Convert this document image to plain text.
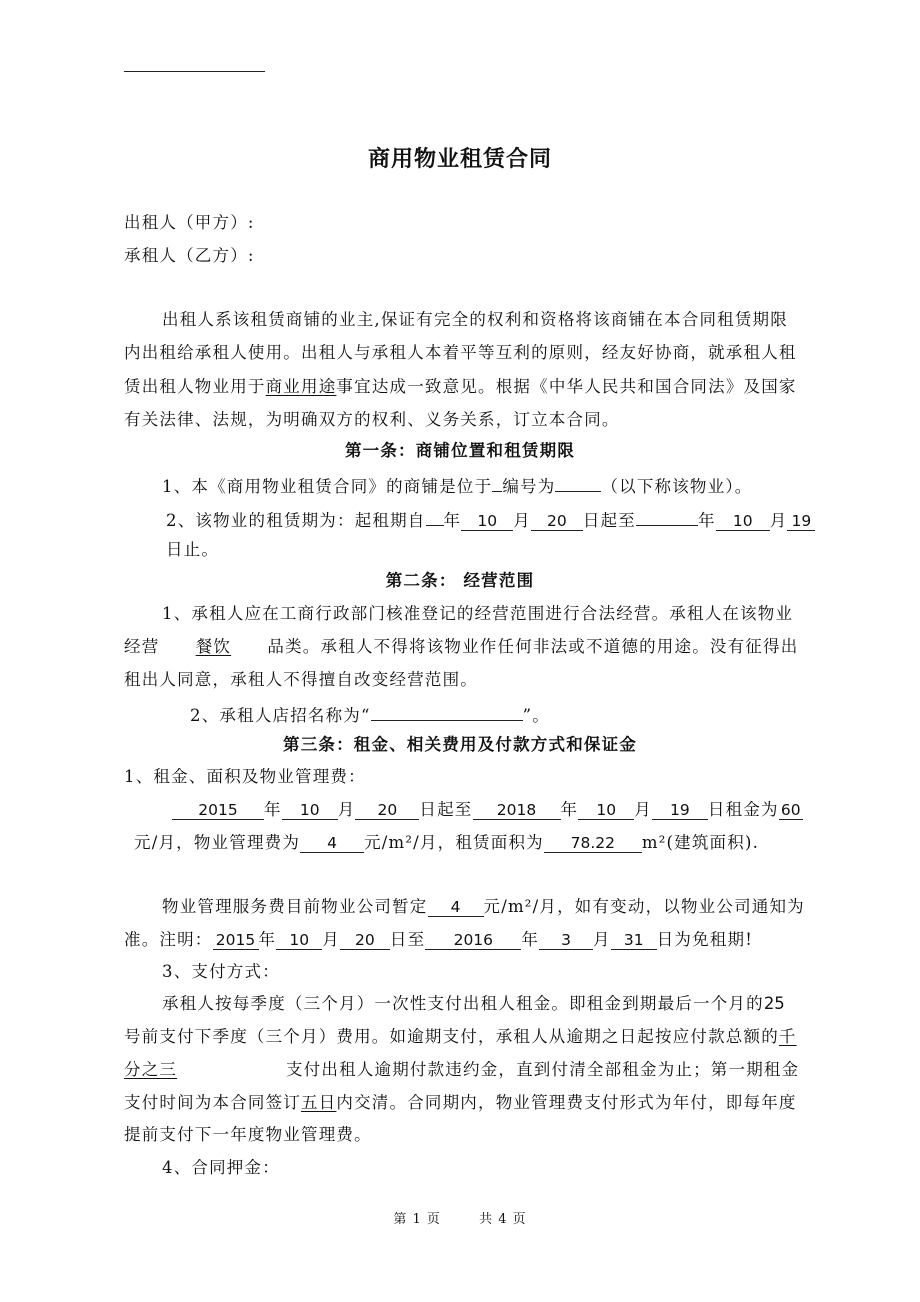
商用物业租赁合同
出租人（甲方）:
承租人（乙方）:
出租人系该租赁商铺的业主,保证有完全的权利和资格将该商铺在本合同租赁期限
内出租给承租人使用。出租人与承租人本着平等互利的原则，经友好协商，就承租人租
赁出租人物业用于商业用途事宜达成一致意见。根据《中华人民共和国合同法》及国家
有关法律、法规，为明确双方的权利、义务关系，订立本合同。
第一条：商铺位置和租赁期限
1、本《商用物业租赁合同》的商铺是位于 编号为	（以下称该物业）。
2、该物业的租赁期为：起租期自 年 10 月 20 日起至	年 10 月 19
日止。
第二条： 经营范围
1、承租人应在工商行政部门核准登记的经营范围进行合法经营。承租人在该物业
经营 餐饮 品类。承租人不得将该物业作任何非法或不道德的用途。没有征得出
租出人同意，承租人不得擅自改变经营范围。
2、承租人店招名称为“	”。
第三条：租金、相关费用及付款方式和保证金
1、租金、面积及物业管理费：
2015 年 10 月 20 日起至 2018 年 10 月 19 日租金为 60
元/月，物业管理费为 4 元/m²/月，租赁面积为 78.22 m²(建筑面积).
物业管理服务费目前物业公司暂定 4 元/m²/月，如有变动，以物业公司通知为
准。注明： 2015 年 10 月 20 日至 2016 年 3 月 31 日为免租期!
3、支付方式：
承租人按每季度（三个月）一次性支付出租人租金。即租金到期最后一个月的25
号前支付下季度（三个月）费用。如逾期支付，承租人从逾期之日起按应付款总额的千
分之三	支付出租人逾期付款违约金，直到付清全部租金为止；第一期租金
支付时间为本合同签订五日内交清。合同期内，物业管理费支付形式为年付，即每年度
提前支付下一年度物业管理费。
4、合同押金：
第 1 页	共 4 页
